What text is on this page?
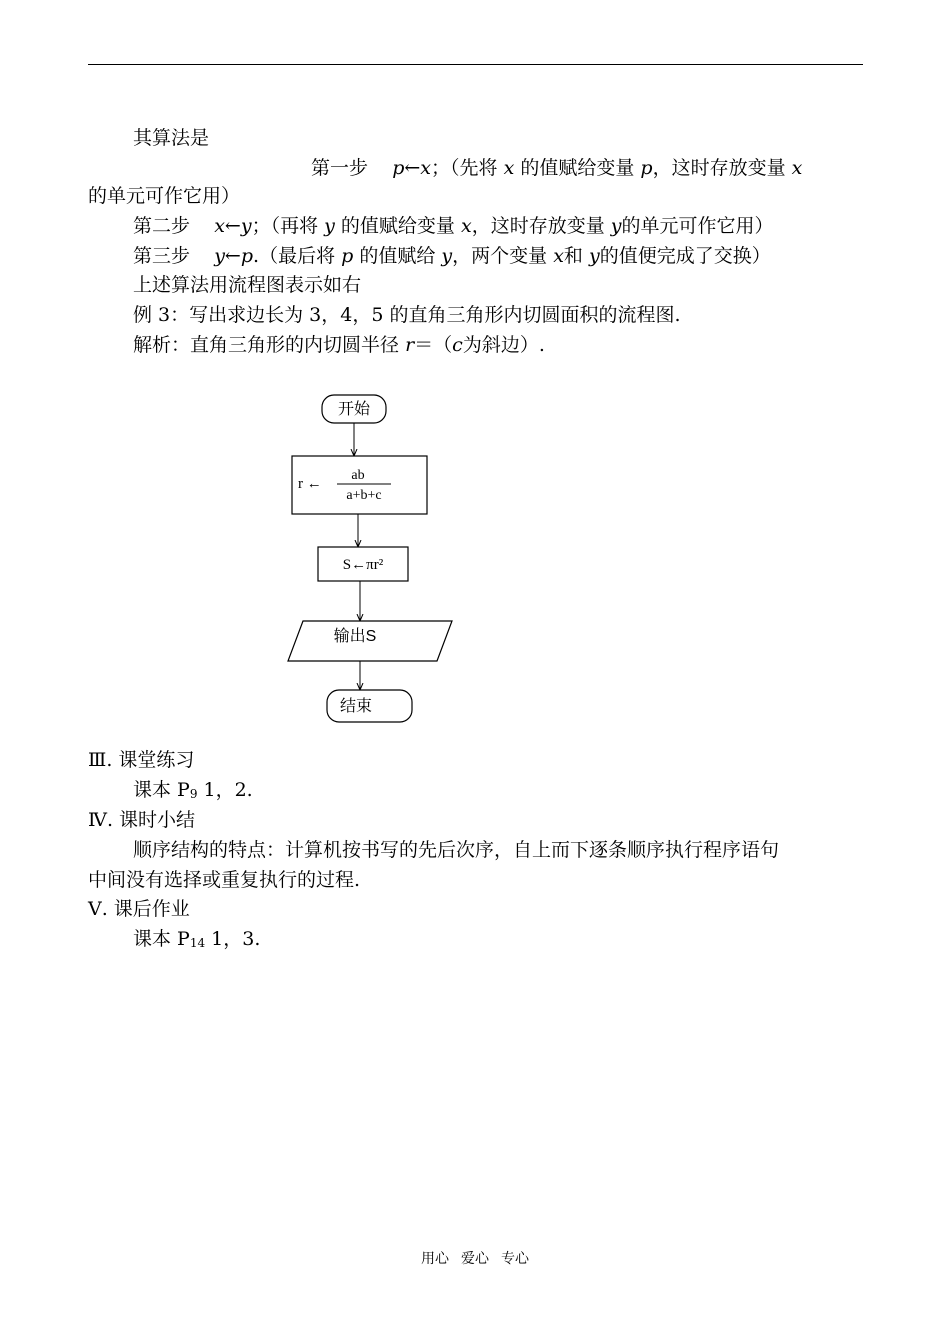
其算法是
第一步 p←x；（先将 x 的值赋给变量 p，这时存放变量 x
的单元可作它用）
第二步 x←y；（再将 y 的值赋给变量 x，这时存放变量 y的单元可作它用）
第三步 y←p.（最后将 p 的值赋给 y，两个变量 x和 y的值便完成了交换）
上述算法用流程图表示如右
例 3：写出求边长为 3，4，5 的直角三角形内切圆面积的流程图.
解析：直角三角形的内切圆半径 r＝（c为斜边）.
开始
r ←
ab
a+b+c
S←πr²
输出S
结束
Ⅲ. 课堂练习
课本 $P_9$ 1，2.
Ⅳ. 课时小结
顺序结构的特点：计算机按书写的先后次序，自上而下逐条顺序执行程序语句
中间没有选择或重复执行的过程.
Ⅴ. 课后作业
课本 $P_{14}$ 1，3.
用心 爱心 专心
